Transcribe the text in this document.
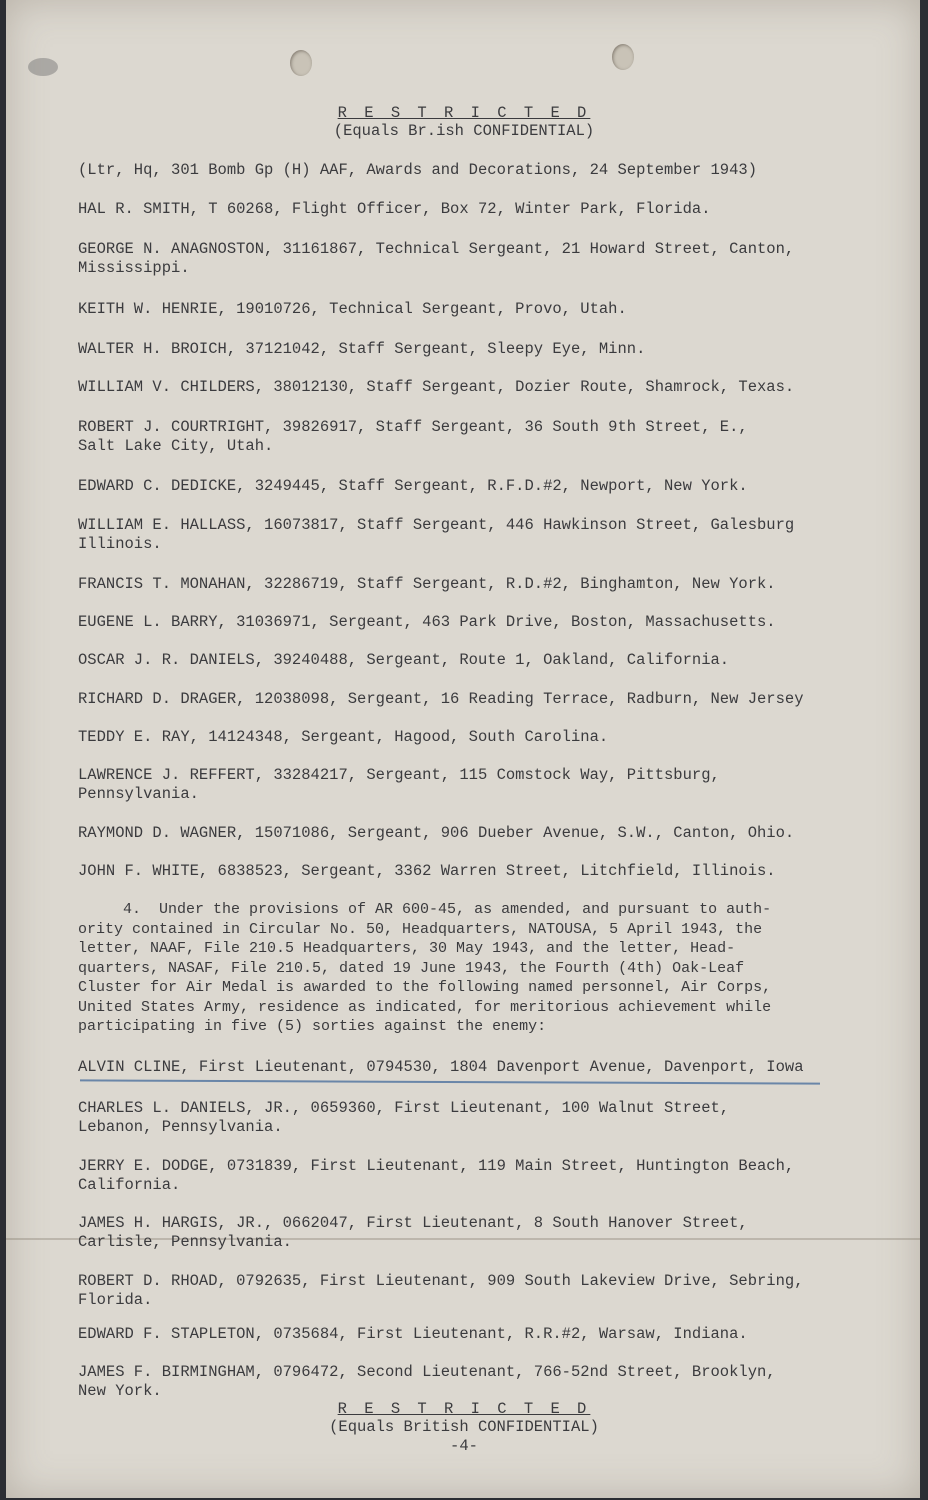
R E S T R I C T E D
(Equals Br.ish CONFIDENTIAL)
(Ltr, Hq, 301 Bomb Gp (H) AAF, Awards and Decorations, 24 September 1943)
HAL R. SMITH, T 60268, Flight Officer, Box 72, Winter Park, Florida.
GEORGE N. ANAGNOSTON, 31161867, Technical Sergeant, 21 Howard Street, Canton,
Mississippi.
KEITH W. HENRIE, 19010726, Technical Sergeant, Provo, Utah.
WALTER H. BROICH, 37121042, Staff Sergeant, Sleepy Eye, Minn.
WILLIAM V. CHILDERS, 38012130, Staff Sergeant, Dozier Route, Shamrock, Texas.
ROBERT J. COURTRIGHT, 39826917, Staff Sergeant, 36 South 9th Street, E.,
Salt Lake City, Utah.
EDWARD C. DEDICKE, 3249445, Staff Sergeant, R.F.D.#2, Newport, New York.
WILLIAM E. HALLASS, 16073817, Staff Sergeant, 446 Hawkinson Street, Galesburg
Illinois.
FRANCIS T. MONAHAN, 32286719, Staff Sergeant, R.D.#2, Binghamton, New York.
EUGENE L. BARRY, 31036971, Sergeant, 463 Park Drive, Boston, Massachusetts.
OSCAR J. R. DANIELS, 39240488, Sergeant, Route 1, Oakland, California.
RICHARD D. DRAGER, 12038098, Sergeant, 16 Reading Terrace, Radburn, New Jersey
TEDDY E. RAY, 14124348, Sergeant, Hagood, South Carolina.
LAWRENCE J. REFFERT, 33284217, Sergeant, 115 Comstock Way, Pittsburg,
Pennsylvania.
RAYMOND D. WAGNER, 15071086, Sergeant, 906 Dueber Avenue, S.W., Canton, Ohio.
JOHN F. WHITE, 6838523, Sergeant, 3362 Warren Street, Litchfield, Illinois.
4.  Under the provisions of AR 600-45, as amended, and pursuant to auth-
ority contained in Circular No. 50, Headquarters, NATOUSA, 5 April 1943, the
letter, NAAF, File 210.5 Headquarters, 30 May 1943, and the letter, Head-
quarters, NASAF, File 210.5, dated 19 June 1943, the Fourth (4th) Oak-Leaf
Cluster for Air Medal is awarded to the following named personnel, Air Corps,
United States Army, residence as indicated, for meritorious achievement while
participating in five (5) sorties against the enemy:
ALVIN CLINE, First Lieutenant, 0794530, 1804 Davenport Avenue, Davenport, Iowa
CHARLES L. DANIELS, JR., 0659360, First Lieutenant, 100 Walnut Street,
Lebanon, Pennsylvania.
JERRY E. DODGE, 0731839, First Lieutenant, 119 Main Street, Huntington Beach,
California.
JAMES H. HARGIS, JR., 0662047, First Lieutenant, 8 South Hanover Street,
Carlisle, Pennsylvania.
ROBERT D. RHOAD, 0792635, First Lieutenant, 909 South Lakeview Drive, Sebring,
Florida.
EDWARD F. STAPLETON, 0735684, First Lieutenant, R.R.#2, Warsaw, Indiana.
JAMES F. BIRMINGHAM, 0796472, Second Lieutenant, 766-52nd Street, Brooklyn,
New York.
R E S T R I C T E D
(Equals British CONFIDENTIAL)
-4-
